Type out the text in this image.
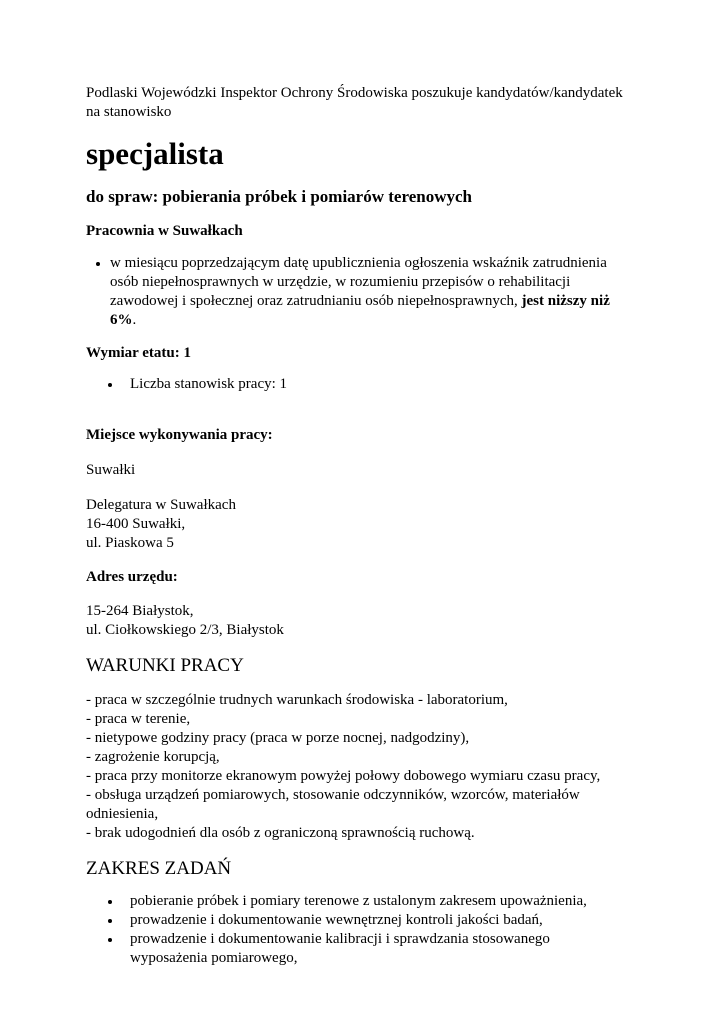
Podlaski Wojewódzki Inspektor Ochrony Środowiska poszukuje kandydatów/kandydatek na stanowisko

specjalista

do spraw: pobierania próbek i pomiarów terenowych

Pracownia w Suwałkach

w miesiącu poprzedzającym datę upublicznienia ogłoszenia wskaźnik zatrudnienia osób niepełnosprawnych w urzędzie, w rozumieniu przepisów o rehabilitacji zawodowej i społecznej oraz zatrudnianiu osób niepełnosprawnych, jest niższy niż 6%.

Wymiar etatu: 1

Liczba stanowisk pracy: 1

Miejsce wykonywania pracy:

Suwałki

Delegatura w Suwałkach

16-400 Suwałki,

ul. Piaskowa 5

Adres urzędu:

15-264 Białystok,

ul. Ciołkowskiego 2/3, Białystok

WARUNKI PRACY

- praca w szczególnie trudnych warunkach środowiska - laboratorium,

- praca w terenie,

- nietypowe godziny pracy (praca w porze nocnej, nadgodziny),

- zagrożenie korupcją,

- praca przy monitorze ekranowym powyżej połowy dobowego wymiaru czasu pracy,

- obsługa urządzeń pomiarowych, stosowanie odczynników, wzorców, materiałów odniesienia,

- brak udogodnień dla osób z ograniczoną sprawnością ruchową.

ZAKRES ZADAŃ

pobieranie próbek i pomiary terenowe z ustalonym zakresem upoważnienia,
prowadzenie i dokumentowanie wewnętrznej kontroli jakości badań,
prowadzenie i dokumentowanie kalibracji i sprawdzania stosowanego wyposażenia pomiarowego,
